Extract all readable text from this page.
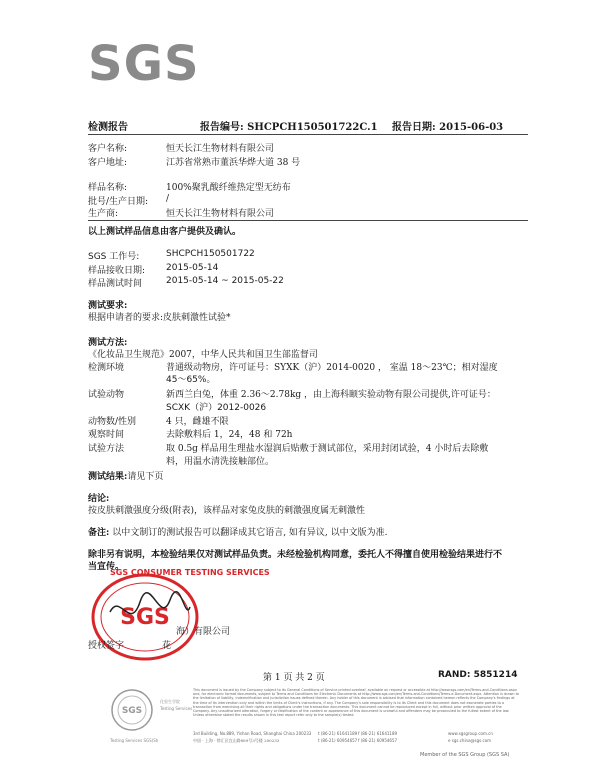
SGS
检测报告	报告编号: SHCPCH150501722C.1 报告日期: 2015-06-03
客户名称:	恒天长江生物材料有限公司
客户地址:	江苏省常熟市董浜华烨大道 38 号
样品名称:	100%聚乳酸纤维热定型无纺布
批号/生产日期: /
生产商:	恒天长江生物材料有限公司
以上测试样品信息由客户提供及确认。
SGS 工作号:	SHCPCH150501722
样品接收日期: 2015-05-14
样品测试时间	2015-05-14 ~ 2015-05-22
测试要求:
根据申请者的要求:皮肤刺激性试验*
测试方法:
《化妆品卫生规范》2007，中华人民共和国卫生部监督司
检测环境	普通级动物房，许可证号：SYXK（沪）2014-0020 ， 室温 18～23℃；相对湿度
45～65%。
试验动物	新西兰白兔，体重 2.36～2.78kg ，由上海科颐实验动物有限公司提供,许可证号：
SCXK（沪）2012-0026
动物数/性别	4 只，雌雄不限
观察时间	去除敷料后 1，24，48 和 72h
试验方法	取 0.5g 样品用生理盐水湿润后贴敷于测试部位，采用封闭试验，4 小时后去除敷
料，用温水清洗接触部位。
测试结果:请见下页
结论:
按皮肤刺激强度分级(附表)，该样品对家兔皮肤的刺激强度属无刺激性
备注: 以中文制订的测试报告可以翻译成其它语言, 如有异议, 以中文版为准.
除非另有说明，本检验结果仅对测试样品负责。未经检验机构同意，委托人不得擅自使用检验结果进行不
当宣传。
SGS
SGS CONSUMER TESTING SERVICES
海）有限公司
授权签字	花
第 1 页 共 2 页	RAND: 5851214
SGS
化验生学院
Testing Services
Testing Services SGS(Sh
This document is issued by the Company subject to its General Conditions of Service printed overleaf, available on request or accessible at http://www.sgs.com/en/Terms-and-Conditions.aspx and, for electronic format documents, subject to Terms and Conditions for Electronic Documents at http://www.sgs.com/en/Terms-and-Conditions/Terms-e-Document.aspx. Attention is drawn to the limitation of liability, indemnification and jurisdiction issues defined therein. Any holder of this document is advised that information contained hereon reflects the Company's findings at the time of its intervention only and within the limits of Client's instructions, if any. The Company's sole responsibility is to its Client and this document does not exonerate parties to a transaction from exercising all their rights and obligations under the transaction documents. This document cannot be reproduced except in full, without prior written approval of the Company. Any unauthorized alteration, forgery or falsification of the content or appearance of this document is unlawful and offenders may be prosecuted to the fullest extent of the law. Unless otherwise stated the results shown in this test report refer only to the sample(s) tested.
3rd Building, No.889, Yishan Road, Shanghai China 200233
中国 · 上海 · 徐汇区宜山路889号3号楼 200233
t (86-21) 61641189 f (86-21) 61641189
t (86-21) 60954657 f (86-21) 60954657
www.sgsgroup.com.cn
e sgs.china@sgs.com
Member of the SGS Group (SGS SA)
